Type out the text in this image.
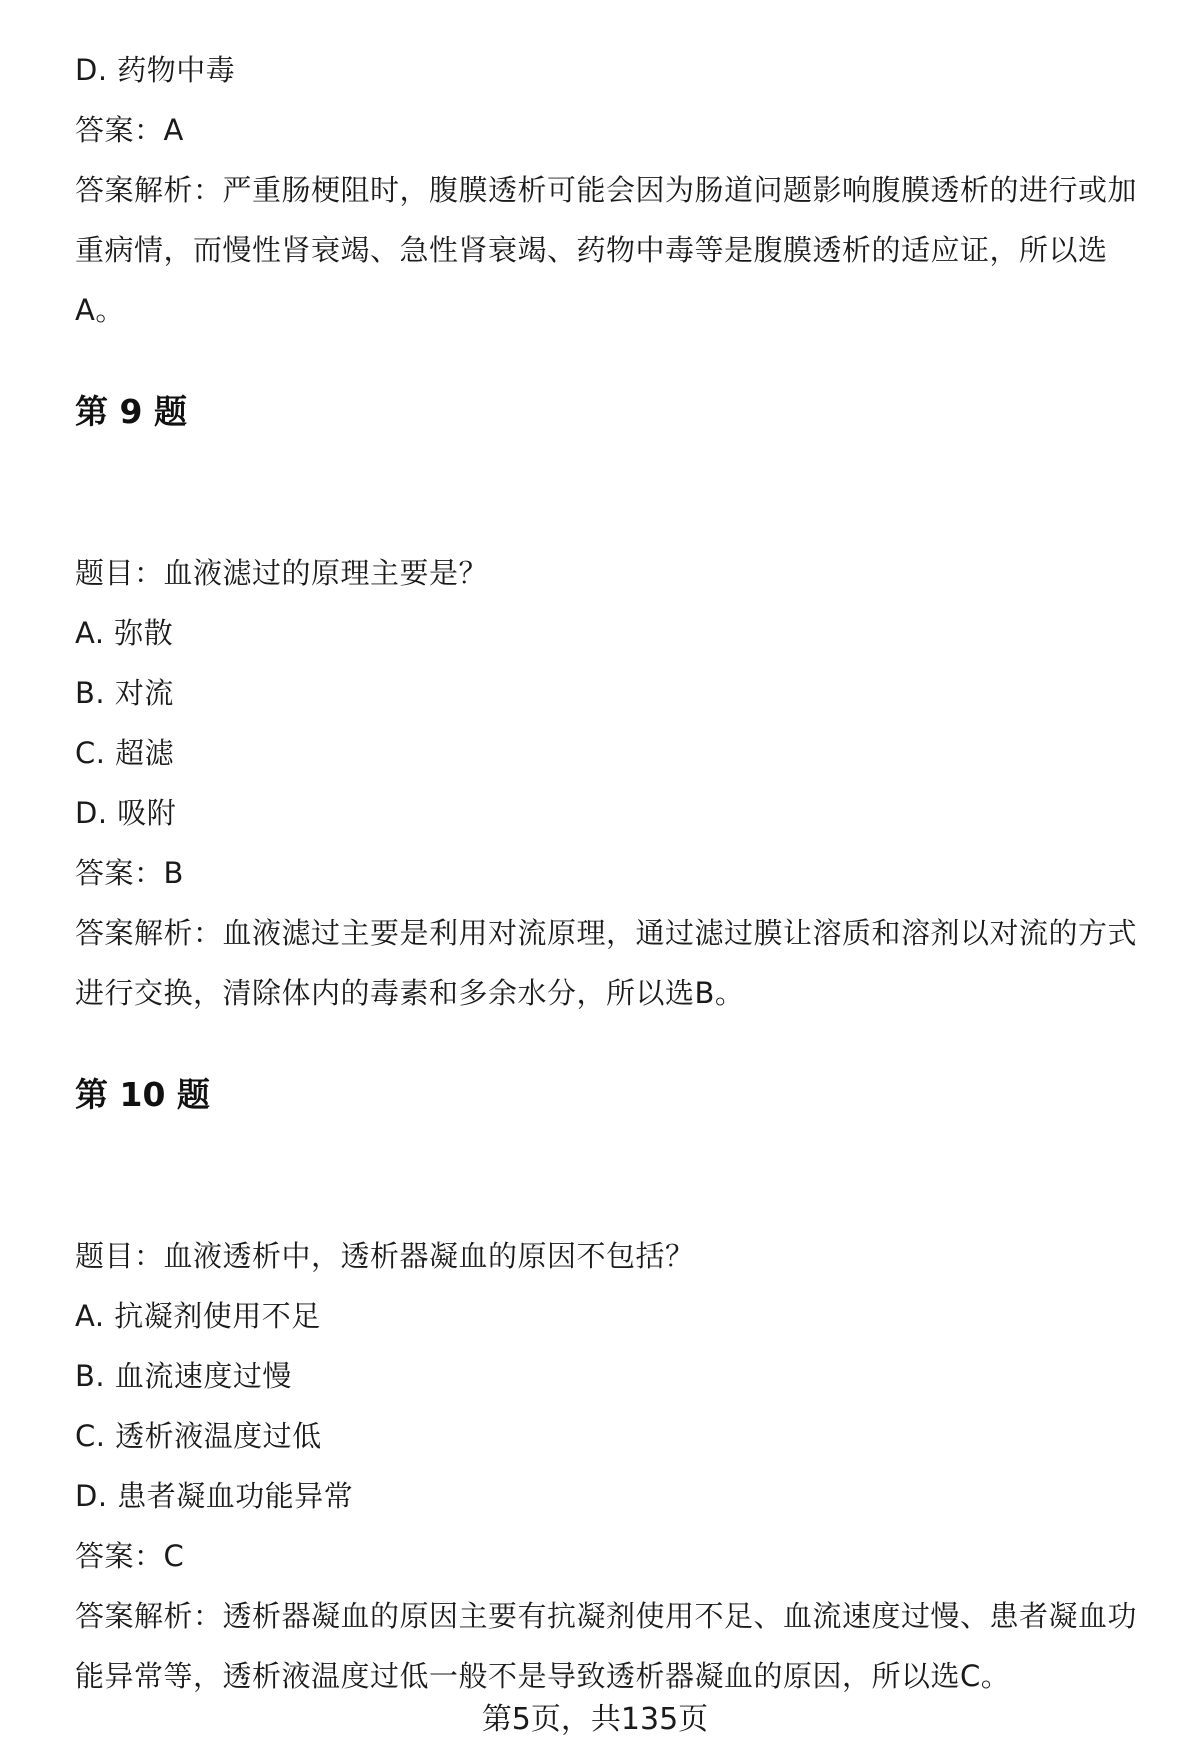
D. 药物中毒
答案：A
答案解析：严重肠梗阻时，腹膜透析可能会因为肠道问题影响腹膜透析的进行或加
重病情，而慢性肾衰竭、急性肾衰竭、药物中毒等是腹膜透析的适应证，所以选
A。
第 9 题
题目：血液滤过的原理主要是？
A. 弥散
B. 对流
C. 超滤
D. 吸附
答案：B
答案解析：血液滤过主要是利用对流原理，通过滤过膜让溶质和溶剂以对流的方式
进行交换，清除体内的毒素和多余水分，所以选B。
第 10 题
题目：血液透析中，透析器凝血的原因不包括？
A. 抗凝剂使用不足
B. 血流速度过慢
C. 透析液温度过低
D. 患者凝血功能异常
答案：C
答案解析：透析器凝血的原因主要有抗凝剂使用不足、血流速度过慢、患者凝血功
能异常等，透析液温度过低一般不是导致透析器凝血的原因，所以选C。
第5页，共135页
